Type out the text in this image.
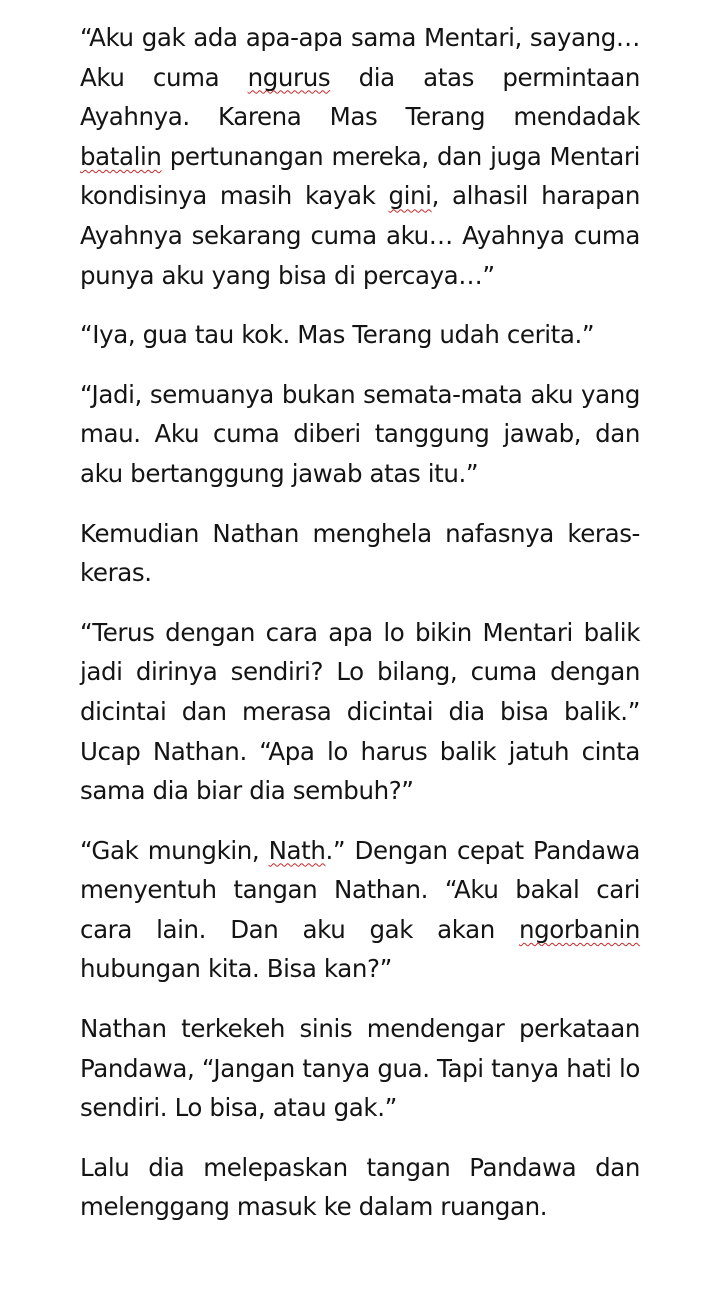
“Aku gak ada apa-apa sama Mentari, sayang… Aku cuma ngurus dia atas permintaan Ayahnya. Karena Mas Terang mendadak batalin pertunangan mereka, dan juga Mentari kondisinya masih kayak gini, alhasil harapan Ayahnya sekarang cuma aku… Ayahnya cuma punya aku yang bisa di percaya…”

“Iya, gua tau kok. Mas Terang udah cerita.”

“Jadi, semuanya bukan semata-mata aku yang mau. Aku cuma diberi tanggung jawab, dan aku bertanggung jawab atas itu.”

Kemudian Nathan menghela nafasnya keras-keras.

“Terus dengan cara apa lo bikin Mentari balik jadi dirinya sendiri? Lo bilang, cuma dengan dicintai dan merasa dicintai dia bisa balik.” Ucap Nathan. “Apa lo harus balik jatuh cinta sama dia biar dia sembuh?”

“Gak mungkin, Nath.” Dengan cepat Pandawa menyentuh tangan Nathan. “Aku bakal cari cara lain. Dan aku gak akan ngorbanin hubungan kita. Bisa kan?”

Nathan terkekeh sinis mendengar perkataan Pandawa, “Jangan tanya gua. Tapi tanya hati lo sendiri. Lo bisa, atau gak.”

Lalu dia melepaskan tangan Pandawa dan melenggang masuk ke dalam ruangan.
